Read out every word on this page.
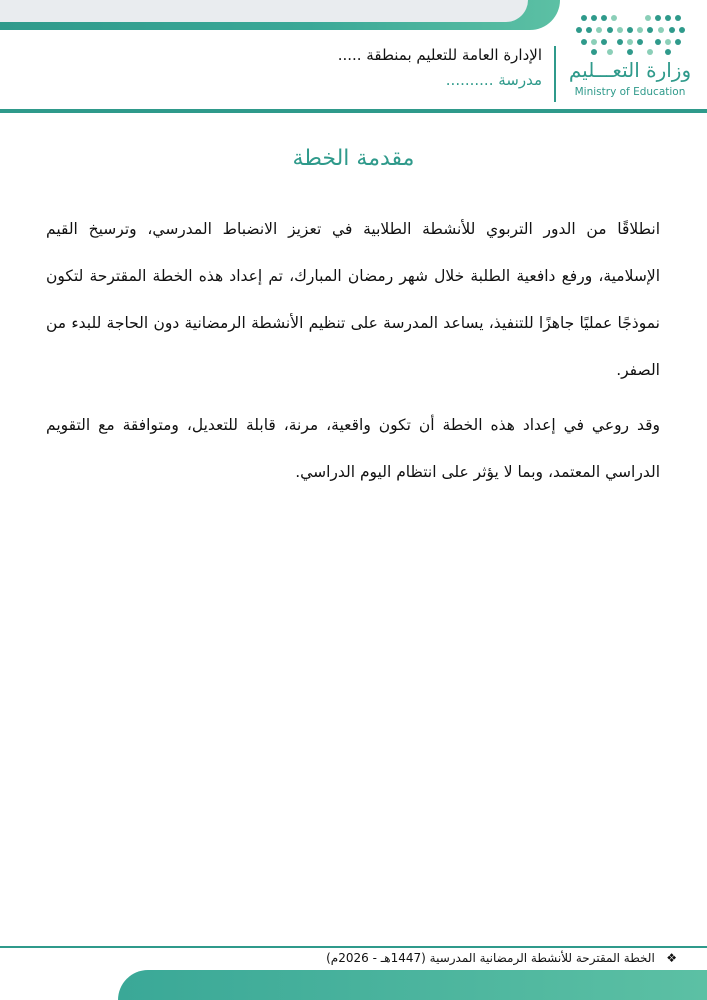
وزارة التعـــليم
Ministry of Education
الإدارة العامة للتعليم بمنطقة .....
مدرسة ..........
مقدمة الخطة

انطلاقًا من الدور التربوي للأنشطة الطلابية في تعزيز الانضباط المدرسي، وترسيخ القيم الإسلامية، ورفع دافعية الطلبة خلال شهر رمضان المبارك، تم إعداد هذه الخطة المقترحة لتكون نموذجًا عمليًا جاهزًا للتنفيذ، يساعد المدرسة على تنظيم الأنشطة الرمضانية دون الحاجة للبدء من الصفر.

وقد روعي في إعداد هذه الخطة أن تكون واقعية، مرنة، قابلة للتعديل، ومتوافقة مع التقويم الدراسي المعتمد، وبما لا يؤثر على انتظام اليوم الدراسي.

❖   الخطة المقترحة للأنشطة الرمضانية المدرسية (1447هـ - 2026م)
